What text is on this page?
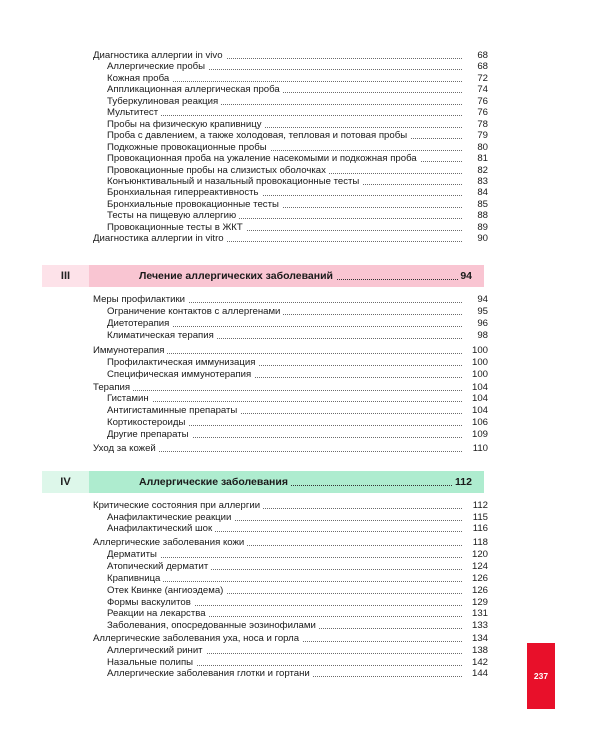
Диагностика аллергии in vivo	68
Аллергические пробы	68
Кожная проба	72
Аппликационная аллергическая проба	74
Туберкулиновая реакция	76
Мультитест	76
Пробы на физическую крапивницу	78
Проба с давлением, а также холодовая, тепловая и потовая пробы	79
Подкожные провокационные пробы	80
Провокационная проба на ужаление насекомыми и подкожная проба	81
Провокационные пробы на слизистых оболочках	82
Конъюнктивальный и назальный провокационные тесты	83
Бронхиальная гиперреактивность	84
Бронхиальные провокационные тесты	85
Тесты на пищевую аллергию	88
Провокационные тесты в ЖКТ	89
Диагностика аллергии in vitro	90
III	Лечение аллергических заболеваний	94
Меры профилактики	94
Ограничение контактов с аллергенами	95
Диетотерапия	96
Климатическая терапия	98
Иммунотерапия	100
Профилактическая иммунизация	100
Специфическая иммунотерапия	100
Терапия	104
Гистамин	104
Антигистаминные препараты	104
Кортикостероиды	106
Другие препараты	109
Уход за кожей	110
IV	Аллергические заболевания	112
Критические состояния при аллергии	112
Анафилактические реакции	115
Анафилактический шок	116
Аллергические заболевания кожи	118
Дерматиты	120
Атопический дерматит	124
Крапивница	126
Отек Квинке (ангиоэдема)	126
Формы васкулитов	129
Реакции на лекарства	131
Заболевания, опосредованные эозинофилами	133
Аллергические заболевания уха, носа и горла	134
Аллергический ринит	138
Назальные полипы	142
Аллергические заболевания глотки и гортани	144	237
